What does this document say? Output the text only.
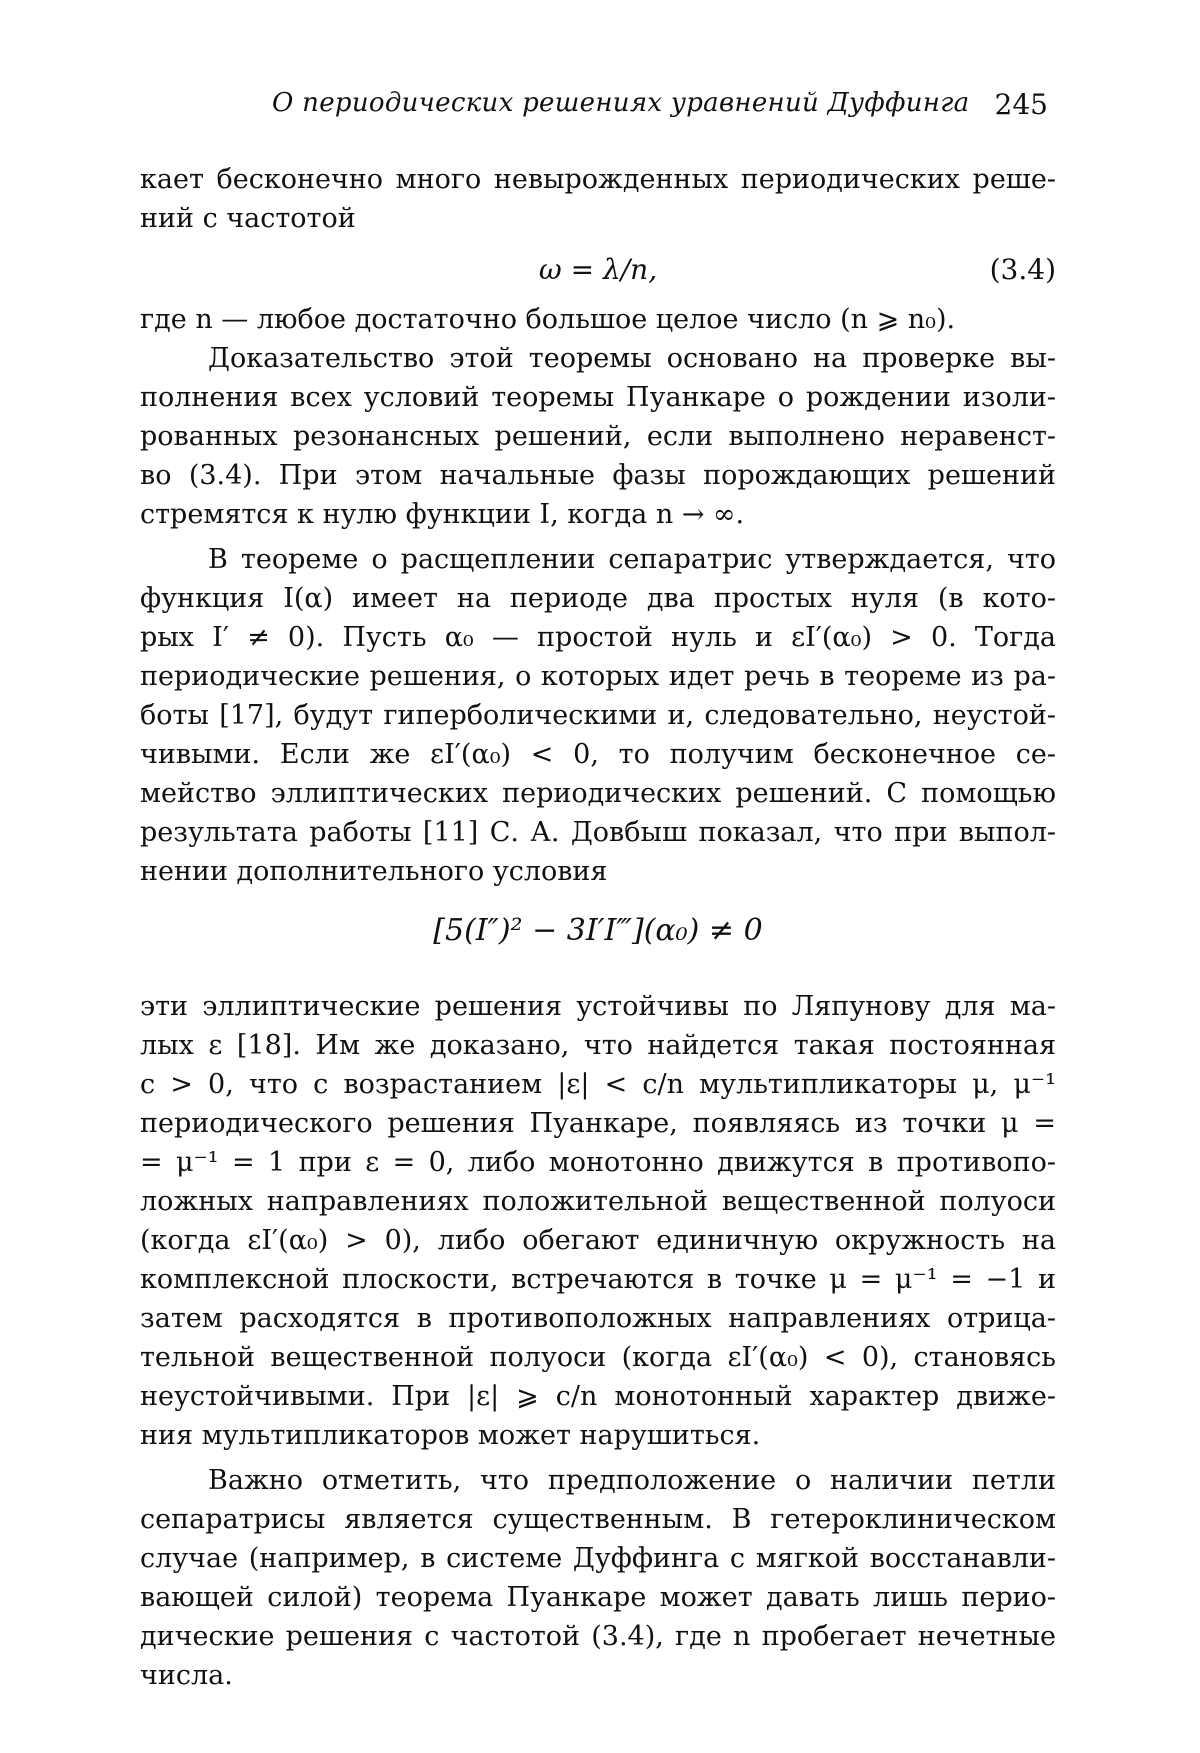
О периодических решениях уравнений Дуффинга 245
кает бесконечно много невырожденных периодических реше-
ний с частотой
ω = λ/n,	(3.4)
где n — любое достаточно большое целое число (n ⩾ n₀).
Доказательство этой теоремы основано на проверке вы-
полнения всех условий теоремы Пуанкаре о рождении изоли-
рованных резонансных решений, если выполнено неравенст-
во (3.4). При этом начальные фазы порождающих решений
стремятся к нулю функции I, когда n → ∞.
В теореме о расщеплении сепаратрис утверждается, что
функция I(α) имеет на периоде два простых нуля (в кото-
рых I′ ≠ 0). Пусть α₀ — простой нуль и εI′(α₀) > 0. Тогда
периодические решения, о которых идет речь в теореме из ра-
боты [17], будут гиперболическими и, следовательно, неустой-
чивыми. Если же εI′(α₀) < 0, то получим бесконечное се-
мейство эллиптических периодических решений. С помощью
результата работы [11] С. А. Довбыш показал, что при выпол-
нении дополнительного условия
[5(I″)² − 3I′I‴](α₀) ≠ 0
эти эллиптические решения устойчивы по Ляпунову для ма-
лых ε [18]. Им же доказано, что найдется такая постоянная
c > 0, что с возрастанием |ε| < c/n мультипликаторы μ, μ⁻¹
периодического решения Пуанкаре, появляясь из точки μ =
= μ⁻¹ = 1 при ε = 0, либо монотонно движутся в противопо-
ложных направлениях положительной вещественной полуоси
(когда εI′(α₀) > 0), либо обегают единичную окружность на
комплексной плоскости, встречаются в точке μ = μ⁻¹ = −1 и
затем расходятся в противоположных направлениях отрица-
тельной вещественной полуоси (когда εI′(α₀) < 0), становясь
неустойчивыми. При |ε| ⩾ c/n монотонный характер движе-
ния мультипликаторов может нарушиться.
Важно отметить, что предположение о наличии петли
сепаратрисы является существенным. В гетероклиническом
случае (например, в системе Дуффинга с мягкой восстанавли-
вающей силой) теорема Пуанкаре может давать лишь перио-
дические решения с частотой (3.4), где n пробегает нечетные
числа.
